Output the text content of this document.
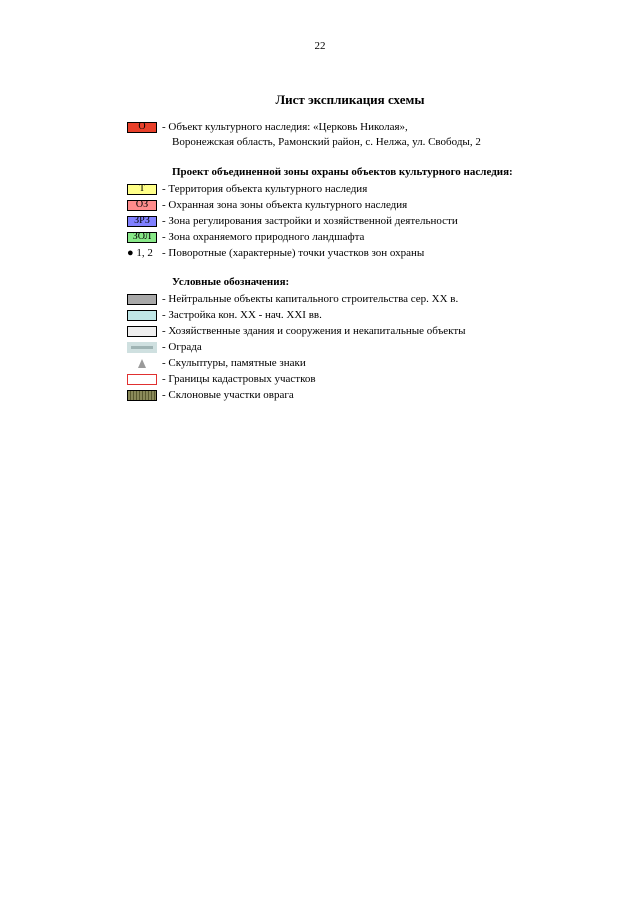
22
Лист экспликация схемы
О	- Объект культурного наследия: «Церковь Николая»,
Воронежская область, Рамонский район, с. Нелжа, ул. Свободы, 2
Проект объединенной зоны охраны объектов культурного наследия:
Т	- Территория объекта культурного наследия
ОЗ	- Охранная зона зоны объекта культурного наследия
ЗРЗ	- Зона регулирования застройки и хозяйственной деятельности
ЗОЛ - Зона охраняемого природного ландшафта
● 1, 2 - Поворотные (характерные) точки участков зон охраны
Условные обозначения:
- Нейтральные объекты капитального строительства сер. XX в.
- Застройка кон. XX - нач. XXI вв.
- Хозяйственные здания и сооружения и некапитальные объекты
- Ограда
- Скульптуры, памятные знаки
- Границы кадастровых участков
- Склоновые участки оврага
